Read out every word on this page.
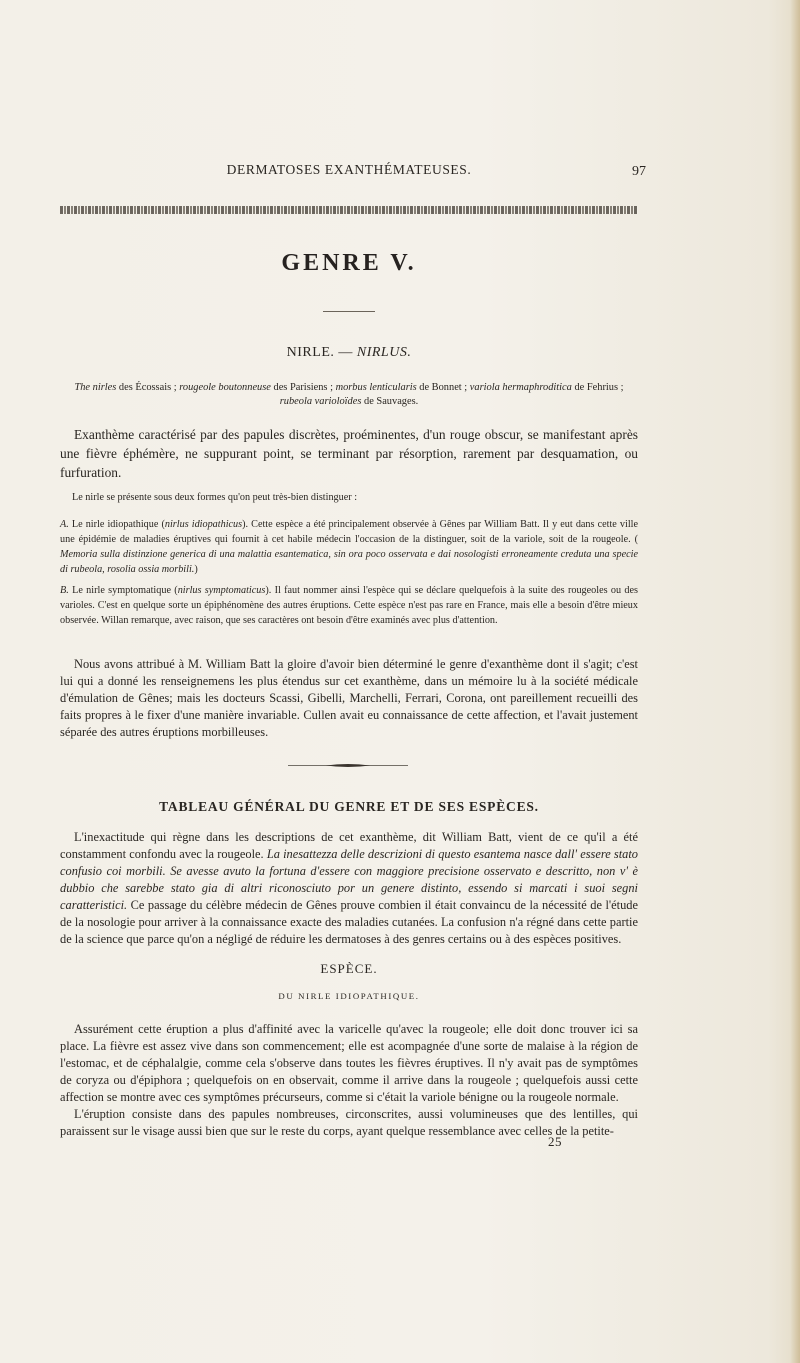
DERMATOSES EXANTHÉMATEUSES.	97
GENRE V.
NIRLE. — NIRLUS.
The nirles des Écossais ; rougeole boutonneuse des Parisiens ; morbus lenticularis de Bonnet ; variola hermaphroditica de Fehrius ; rubeola varioloïdes de Sauvages.
Exanthème caractérisé par des papules discrètes, proéminentes, d'un rouge obscur, se manifestant après une fièvre éphémère, ne suppurant point, se terminant par résorption, rarement par desquamation, ou furfuration.
Le nirle se présente sous deux formes qu'on peut très-bien distinguer :
A. Le nirle idiopathique (nirlus idiopathicus). Cette espèce a été principalement observée à Gênes par William Batt. Il y eut dans cette ville une épidémie de maladies éruptives qui fournit à cet habile médecin l'occasion de la distinguer, soit de la variole, soit de la rougeole. ( Memoria sulla distinzione generica di una malattia esantematica, sin ora poco osservata e dai nosologisti erroneamente creduta una specie di rubeola, rosolia ossia morbili.)
B. Le nirle symptomatique (nirlus symptomaticus). Il faut nommer ainsi l'espèce qui se déclare quelquefois à la suite des rougeoles ou des varioles. C'est en quelque sorte un épiphénomène des autres éruptions. Cette espèce n'est pas rare en France, mais elle a besoin d'être mieux observée. Willan remarque, avec raison, que ses caractères ont besoin d'être examinés avec plus d'attention.
Nous avons attribué à M. William Batt la gloire d'avoir bien déterminé le genre d'exanthème dont il s'agit; c'est lui qui a donné les renseignemens les plus étendus sur cet exanthème, dans un mémoire lu à la société médicale d'émulation de Gênes; mais les docteurs Scassi, Gibelli, Marchelli, Ferrari, Corona, ont pareillement recueilli des faits propres à le fixer d'une manière invariable. Cullen avait eu connaissance de cette affection, et l'avait justement séparée des autres éruptions morbilleuses.
TABLEAU GÉNÉRAL DU GENRE ET DE SES ESPÈCES.
L'inexactitude qui règne dans les descriptions de cet exanthème, dit William Batt, vient de ce qu'il a été constamment confondu avec la rougeole. La inesattezza delle descrizioni di questo esantema nasce dall' essere stato confusio coi morbili. Se avesse avuto la fortuna d'essere con maggiore precisione osservato e descritto, non v' è dubbio che sarebbe stato gia di altri riconosciuto por un genere distinto, essendo si marcati i suoi segni caratteristici. Ce passage du célèbre médecin de Gênes prouve combien il était convaincu de la nécessité de l'étude de la nosologie pour arriver à la connaissance exacte des maladies cutanées. La confusion n'a régné dans cette partie de la science que parce qu'on a négligé de réduire les dermatoses à des genres certains ou à des espèces positives.
ESPÈCE.
DU NIRLE IDIOPATHIQUE.
Assurément cette éruption a plus d'affinité avec la varicelle qu'avec la rougeole; elle doit donc trouver ici sa place. La fièvre est assez vive dans son commencement; elle est acompagnée d'une sorte de malaise à la région de l'estomac, et de céphalalgie, comme cela s'observe dans toutes les fièvres éruptives. Il n'y avait pas de symptômes de coryza ou d'épiphora ; quelquefois on en observait, comme il arrive dans la rougeole ; quelquefois aussi cette affection se montre avec ces symptômes précurseurs, comme si c'était la variole bénigne ou la rougeole normale.
L'éruption consiste dans des papules nombreuses, circonscrites, aussi volumineuses que des lentilles, qui paraissent sur le visage aussi bien que sur le reste du corps, ayant quelque ressemblance avec celles de la petite-
25
